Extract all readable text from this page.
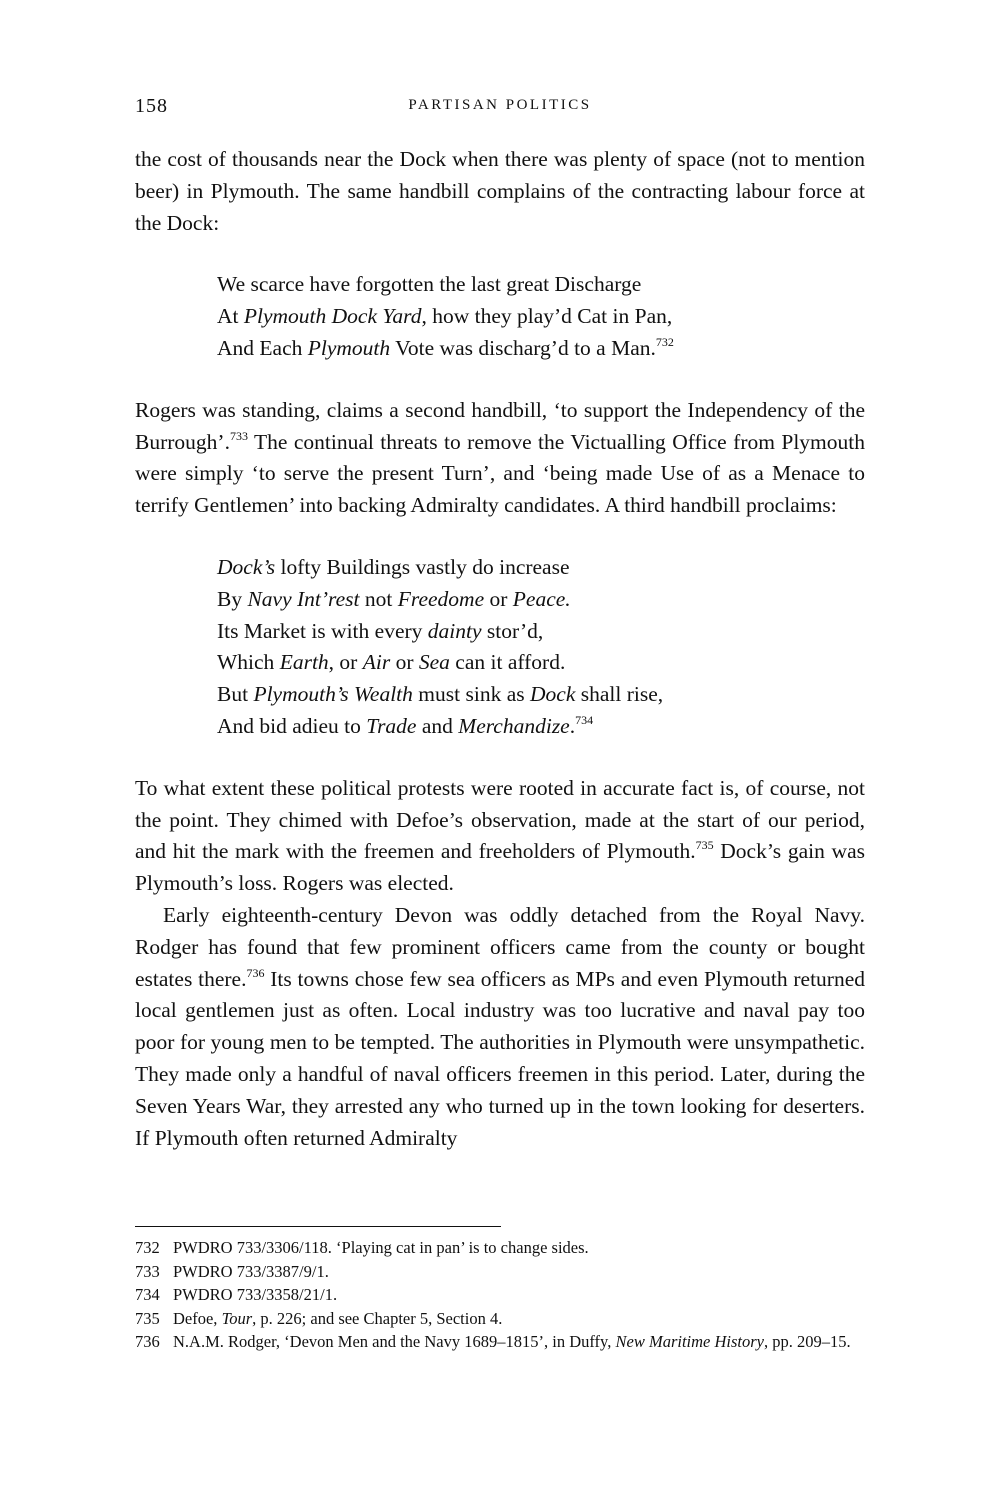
158	PARTISAN POLITICS

the cost of thousands near the Dock when there was plenty of space (not to mention beer) in Plymouth. The same handbill complains of the contracting labour force at the Dock:

We scarce have forgotten the last great Discharge
At Plymouth Dock Yard, how they play’d Cat in Pan,
And Each Plymouth Vote was discharg’d to a Man.$^{732}$

Rogers was standing, claims a second handbill, ‘to support the Independency of the Burrough’.$^{733}$ The continual threats to remove the Victualling Office from Plymouth were simply ‘to serve the present Turn’, and ‘being made Use of as a Menace to terrify Gentlemen’ into backing Admiralty candidates. A third handbill proclaims:

Dock’s lofty Buildings vastly do increase
By Navy Int’rest not Freedome or Peace.
Its Market is with every dainty stor’d,
Which Earth, or Air or Sea can it afford.
But Plymouth’s Wealth must sink as Dock shall rise,
And bid adieu to Trade and Merchandize.$^{734}$

To what extent these political protests were rooted in accurate fact is, of course, not the point. They chimed with Defoe’s observation, made at the start of our period, and hit the mark with the freemen and freeholders of Plymouth.$^{735}$ Dock’s gain was Plymouth’s loss. Rogers was elected.

Early eighteenth-century Devon was oddly detached from the Royal Navy. Rodger has found that few prominent officers came from the county or bought estates there.$^{736}$ Its towns chose few sea officers as MPs and even Plymouth returned local gentlemen just as often. Local industry was too lucrative and naval pay too poor for young men to be tempted. The authorities in Plymouth were unsympathetic. They made only a handful of naval officers freemen in this period. Later, during the Seven Years War, they arrested any who turned up in the town looking for deserters. If Plymouth often returned Admiralty

732 PWDRO 733/3306/118. ‘Playing cat in pan’ is to change sides.
733 PWDRO 733/3387/9/1.
734 PWDRO 733/3358/21/1.
735 Defoe, Tour, p. 226; and see Chapter 5, Section 4.
736 N.A.M. Rodger, ‘Devon Men and the Navy 1689–1815’, in Duffy, New Maritime History, pp. 209–15.
